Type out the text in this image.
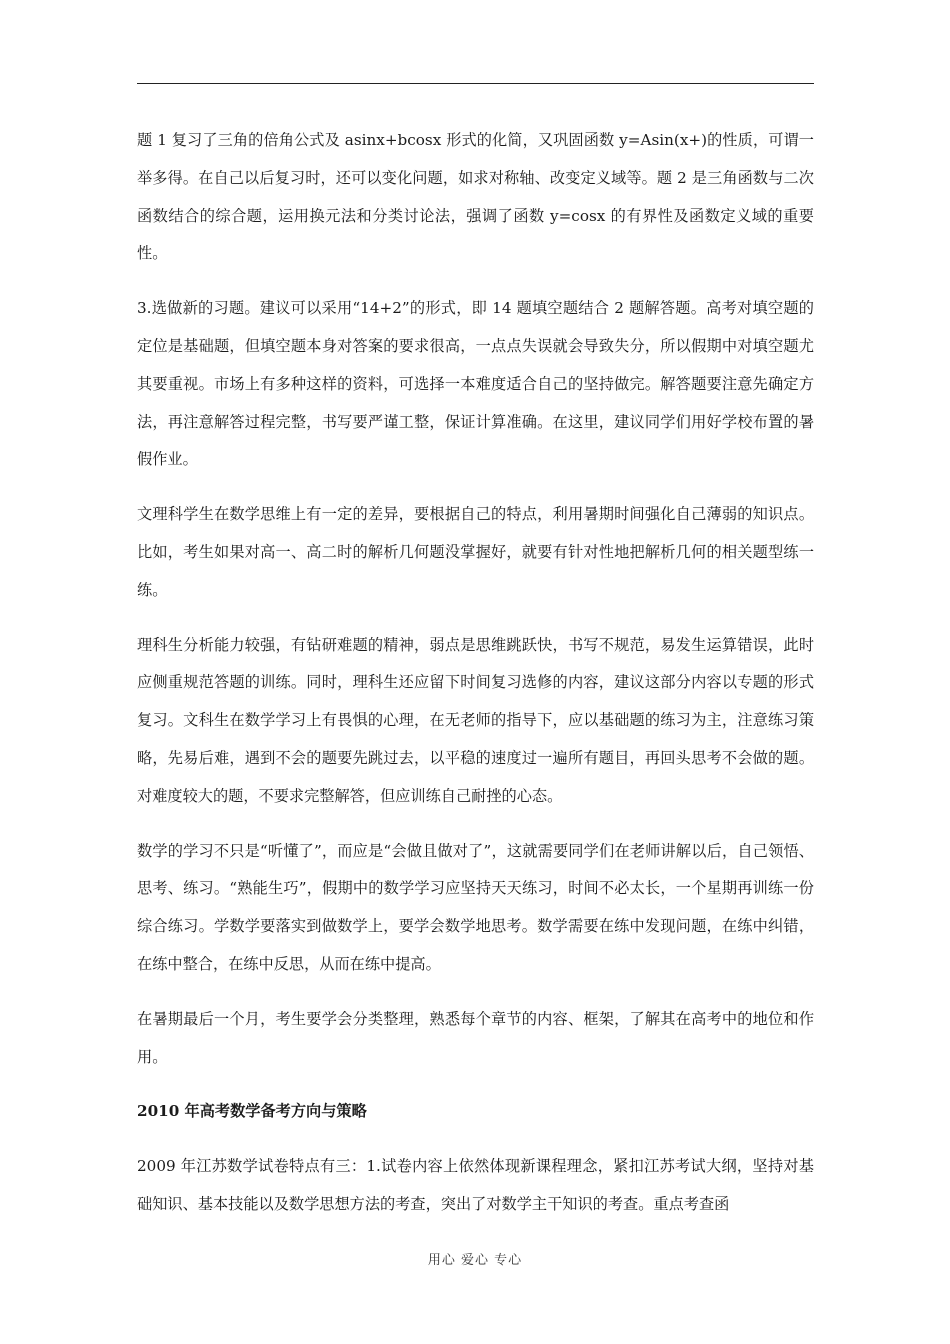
题 1 复习了三角的倍角公式及 asinx+bcosx 形式的化简，又巩固函数 y=Asin(x+)的性质，可谓一举多得。在自己以后复习时，还可以变化问题，如求对称轴、改变定义域等。题 2 是三角函数与二次函数结合的综合题，运用换元法和分类讨论法，强调了函数 y=cosx 的有界性及函数定义域的重要性。

3.选做新的习题。建议可以采用“14+2”的形式，即 14 题填空题结合 2 题解答题。高考对填空题的定位是基础题，但填空题本身对答案的要求很高，一点点失误就会导致失分，所以假期中对填空题尤其要重视。市场上有多种这样的资料，可选择一本难度适合自己的坚持做完。解答题要注意先确定方法，再注意解答过程完整，书写要严谨工整，保证计算准确。在这里，建议同学们用好学校布置的暑假作业。

文理科学生在数学思维上有一定的差异，要根据自己的特点，利用暑期时间强化自己薄弱的知识点。比如，考生如果对高一、高二时的解析几何题没掌握好，就要有针对性地把解析几何的相关题型练一练。

理科生分析能力较强，有钻研难题的精神，弱点是思维跳跃快，书写不规范，易发生运算错误，此时应侧重规范答题的训练。同时，理科生还应留下时间复习选修的内容，建议这部分内容以专题的形式复习。文科生在数学学习上有畏惧的心理，在无老师的指导下，应以基础题的练习为主，注意练习策略，先易后难，遇到不会的题要先跳过去，以平稳的速度过一遍所有题目，再回头思考不会做的题。对难度较大的题，不要求完整解答，但应训练自己耐挫的心态。

数学的学习不只是“听懂了”，而应是“会做且做对了”，这就需要同学们在老师讲解以后，自己领悟、思考、练习。“熟能生巧”，假期中的数学学习应坚持天天练习，时间不必太长，一个星期再训练一份综合练习。学数学要落实到做数学上，要学会数学地思考。数学需要在练中发现问题，在练中纠错，在练中整合，在练中反思，从而在练中提高。

在暑期最后一个月，考生要学会分类整理，熟悉每个章节的内容、框架，了解其在高考中的地位和作用。

2010 年高考数学备考方向与策略

2009 年江苏数学试卷特点有三：1.试卷内容上依然体现新课程理念，紧扣江苏考试大纲，坚持对基础知识、基本技能以及数学思想方法的考查，突出了对数学主干知识的考查。重点考查函

用心 爱心 专心
